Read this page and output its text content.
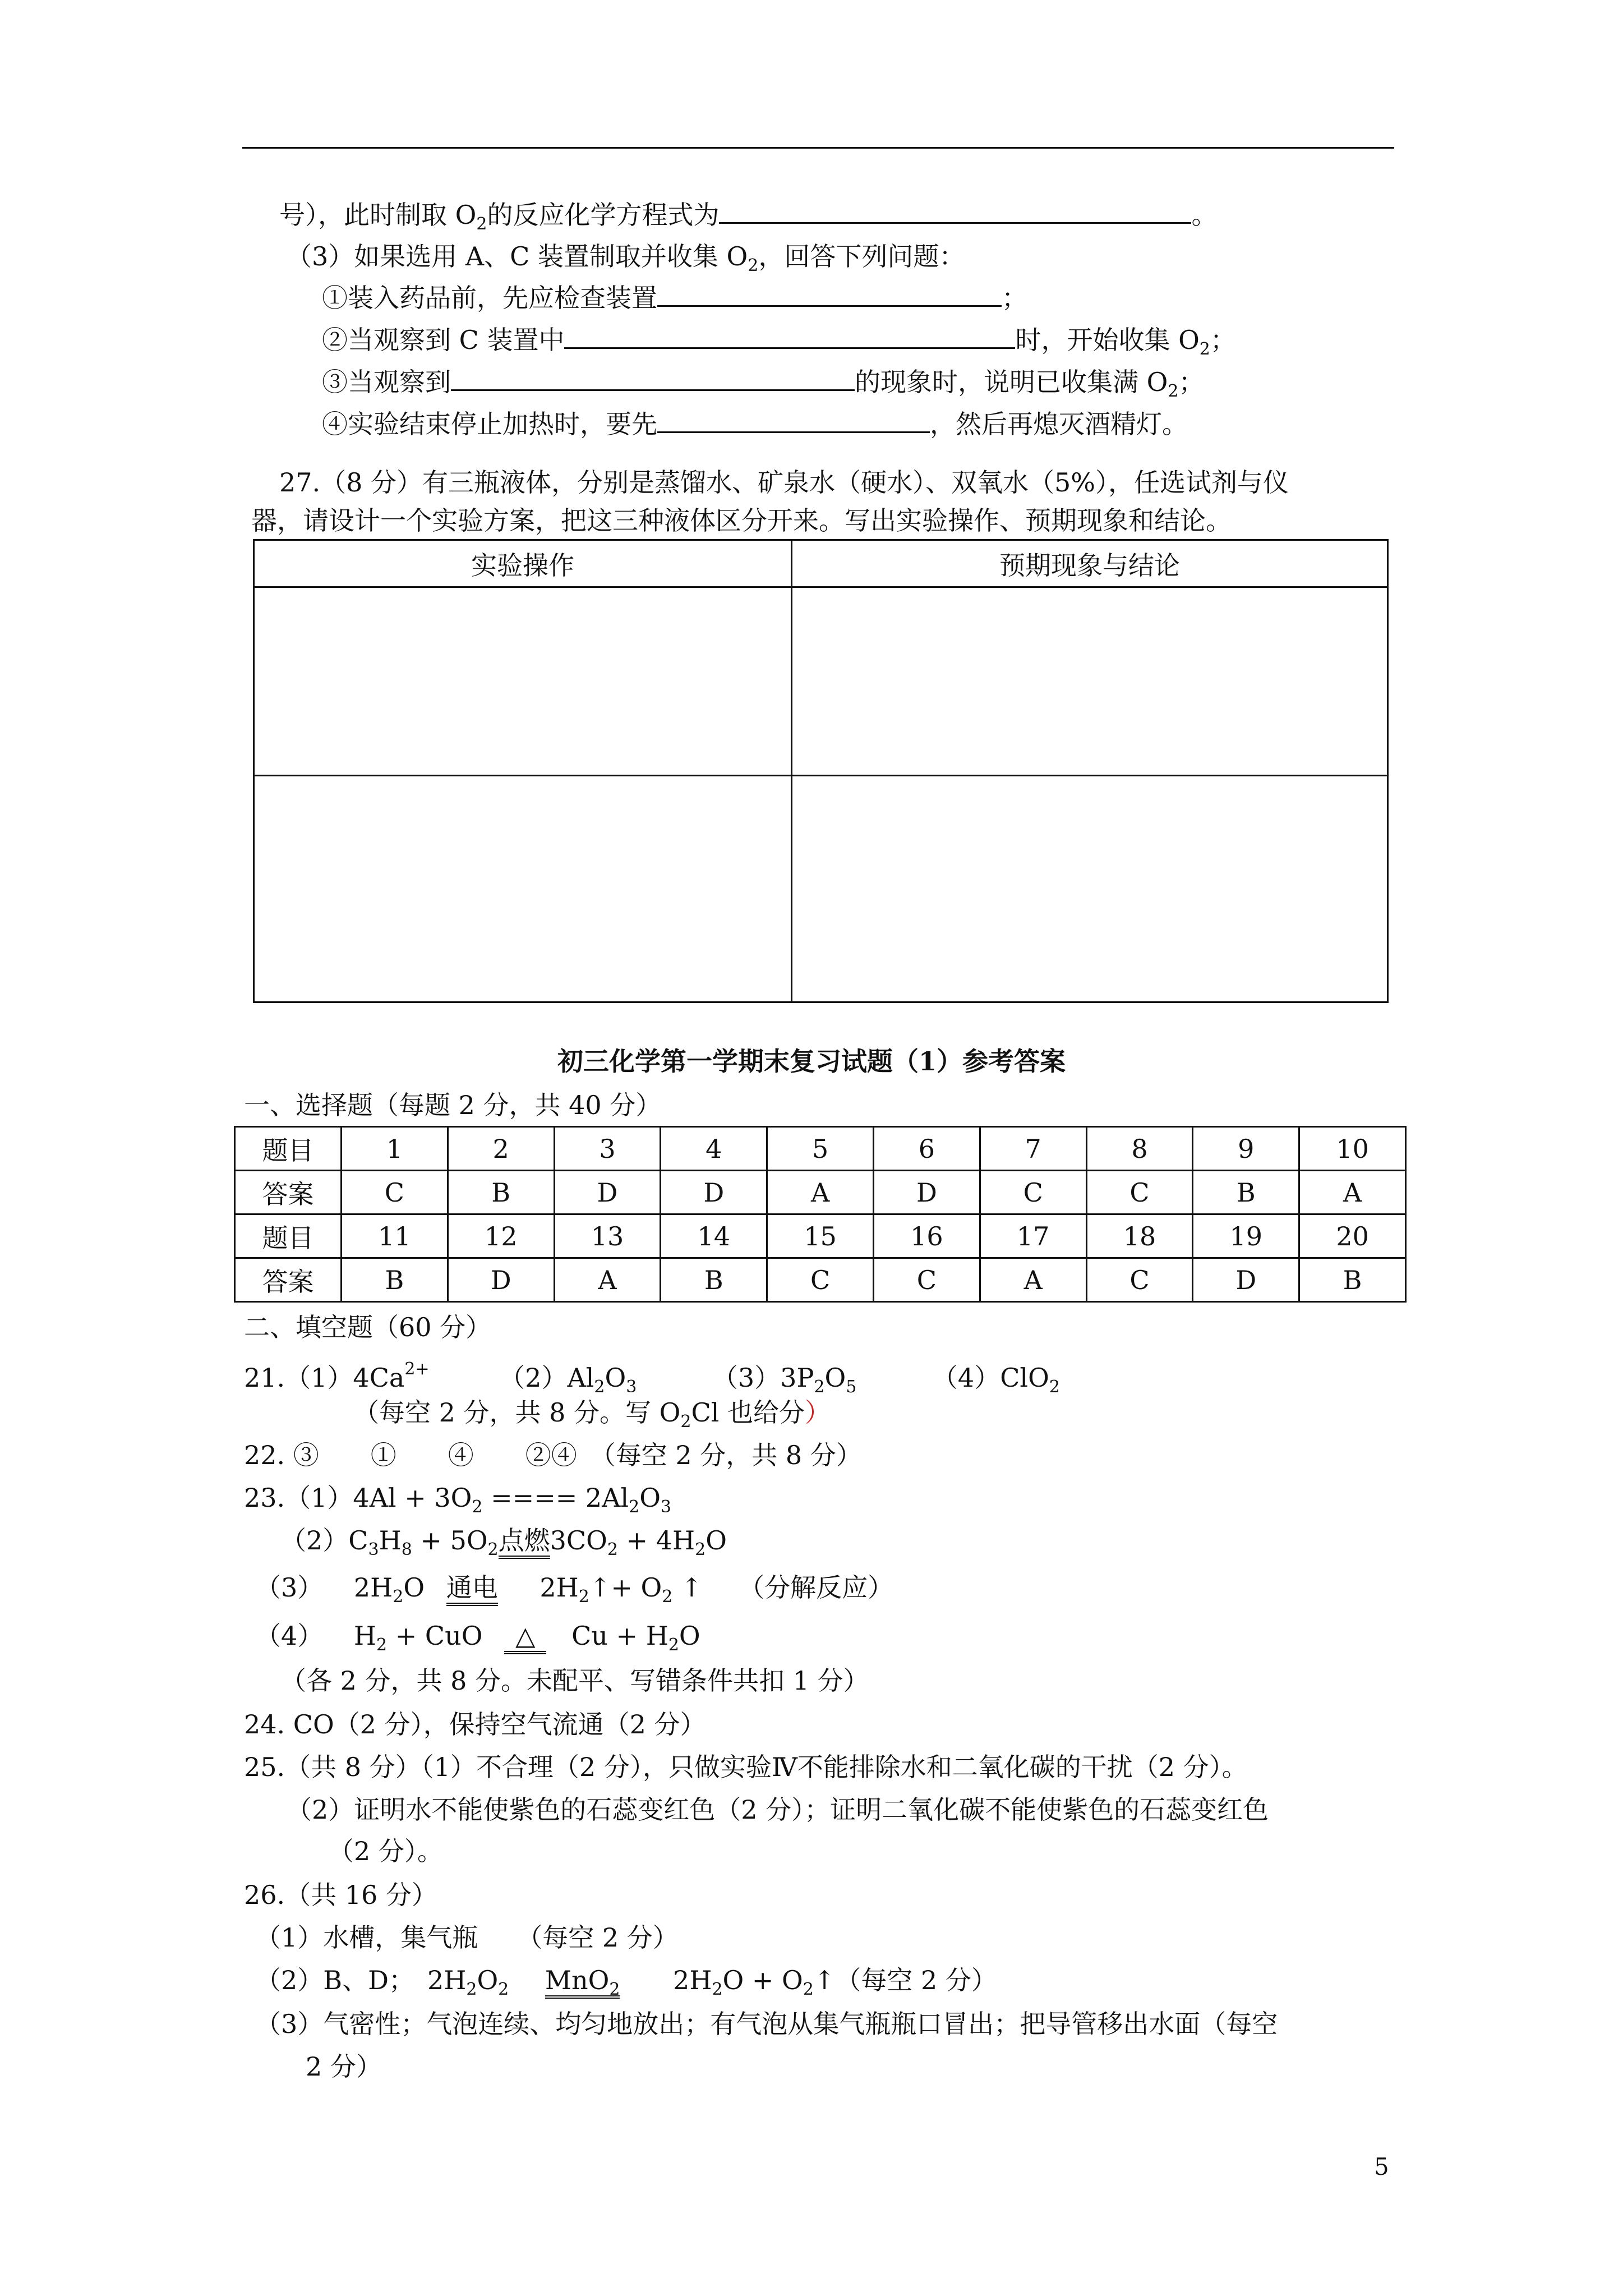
号），此时制取 $O_2$的反应化学方程式为	。
（3）如果选用 A、C 装置制取并收集 $O_2$，回答下列问题：
①装入药品前，先应检查装置	；
②当观察到 C 装置中	时，开始收集 $O_2$；
③当观察到	的现象时，说明已收集满 $O_2$；
④实验结束停止加热时，要先	，然后再熄灭酒精灯。
27.（8 分）有三瓶液体，分别是蒸馏水、矿泉水（硬水）、双氧水（5%），任选试剂与仪
器，请设计一个实验方案，把这三种液体区分开来。写出实验操作、预期现象和结论。
实验操作	预期现象与结论

初三化学第一学期末复习试题（1）参考答案
一、选择题（每题 2 分，共 40 分）
题目	1	2	3	4	5	6	7	8	9	10
答案	C	B	D	D	A	D	C	C	B	A
题目	11	12	13	14	15	16	17	18	19	20
答案	B	D	A	B	C	C	A	C	D	B
二、填空题（60 分）
$21.(1)4Ca^{2+}$	$(2)Al_2O_3$	$(3)3P_2O_5$	（4）ClO$_2$
（每空 2 分，共 8 分。写 $O_2Cl$ 也给分）
22. ③　　①　　④　　②④　（每空 2 分，共 8 分）
$23.(1)4Al + 3O_2$ ==== $2Al_2O_3$
$(2)C_3H_8 + 5O_2$点燃$3CO_2 + 4H_2O$
（3） $2H_2O$ 通电 $2H_2↑+ O_2$ ↑ （分解反应）
（4） $H_2$ + CuO △ $Cu + H_2O$
（各 2 分，共 8 分。未配平、写错条件共扣 1 分）
24. CO（2 分），保持空气流通（2 分）
25.（共 8 分）（1）不合理（2 分），只做实验Ⅳ不能排除水和二氧化碳的干扰（2 分）。
（2）证明水不能使紫色的石蕊变红色（2 分）；证明二氧化碳不能使紫色的石蕊变红色
（2 分）。
26.（共 16 分）
（1）水槽，集气瓶　　（每空 2 分）
（2）B、D；　$2H_2O_2$ MnO$_2$ $2H_2O$ + $O_2↑$（每空 2 分）
（3）气密性；气泡连续、均匀地放出；有气泡从集气瓶瓶口冒出；把导管移出水面（每空
2 分）
5
